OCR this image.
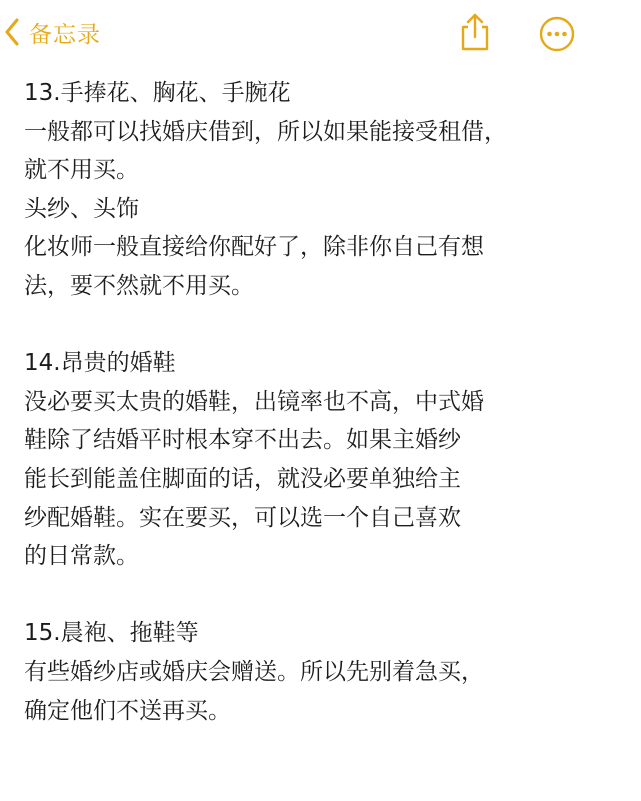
备忘录
13.手捧花、胸花、手腕花
一般都可以找婚庆借到，所以如果能接受租借，
就不用买。
头纱、头饰
化妆师一般直接给你配好了，除非你自己有想
法，要不然就不用买。
14.昂贵的婚鞋
没必要买太贵的婚鞋，出镜率也不高，中式婚
鞋除了结婚平时根本穿不出去。如果主婚纱
能长到能盖住脚面的话，就没必要单独给主
纱配婚鞋。实在要买，可以选一个自己喜欢
的日常款。
15.晨袍、拖鞋等
有些婚纱店或婚庆会赠送。所以先别着急买，
确定他们不送再买。
